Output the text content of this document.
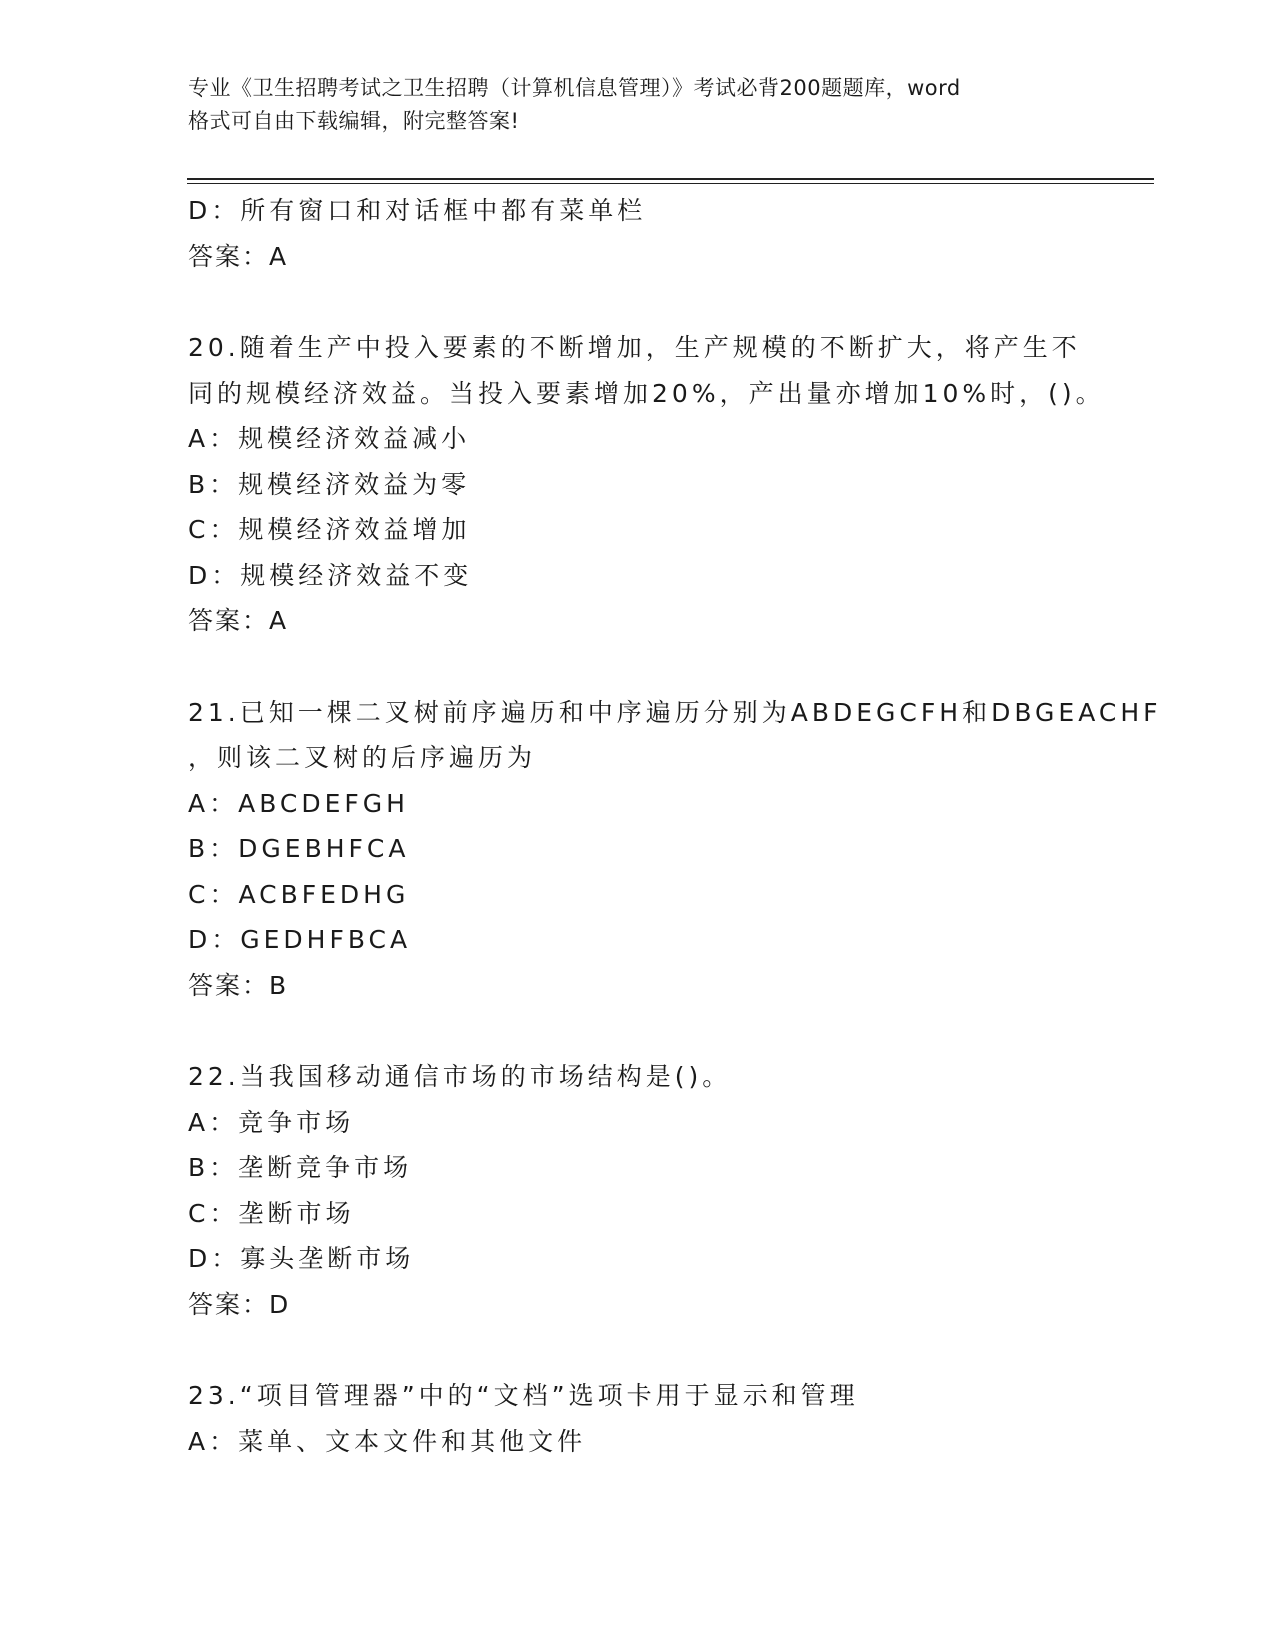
专业《卫生招聘考试之卫生招聘（计算机信息管理）》考试必背200题题库，word
格式可自由下载编辑，附完整答案!
D：所有窗口和对话框中都有菜单栏
答案：A
20.随着生产中投入要素的不断增加，生产规模的不断扩大，将产生不
同的规模经济效益。当投入要素增加20%，产出量亦增加10%时，()。
A：规模经济效益减小
B：规模经济效益为零
C：规模经济效益增加
D：规模经济效益不变
答案：A
21.已知一棵二叉树前序遍历和中序遍历分别为ABDEGCFH和DBGEACHF
，则该二叉树的后序遍历为
A：ABCDEFGH
B：DGEBHFCA
C：ACBFEDHG
D：GEDHFBCA
答案：B
22.当我国移动通信市场的市场结构是()。
A：竞争市场
B：垄断竞争市场
C：垄断市场
D：寡头垄断市场
答案：D
23.“项目管理器”中的“文档”选项卡用于显示和管理
A：菜单、文本文件和其他文件
